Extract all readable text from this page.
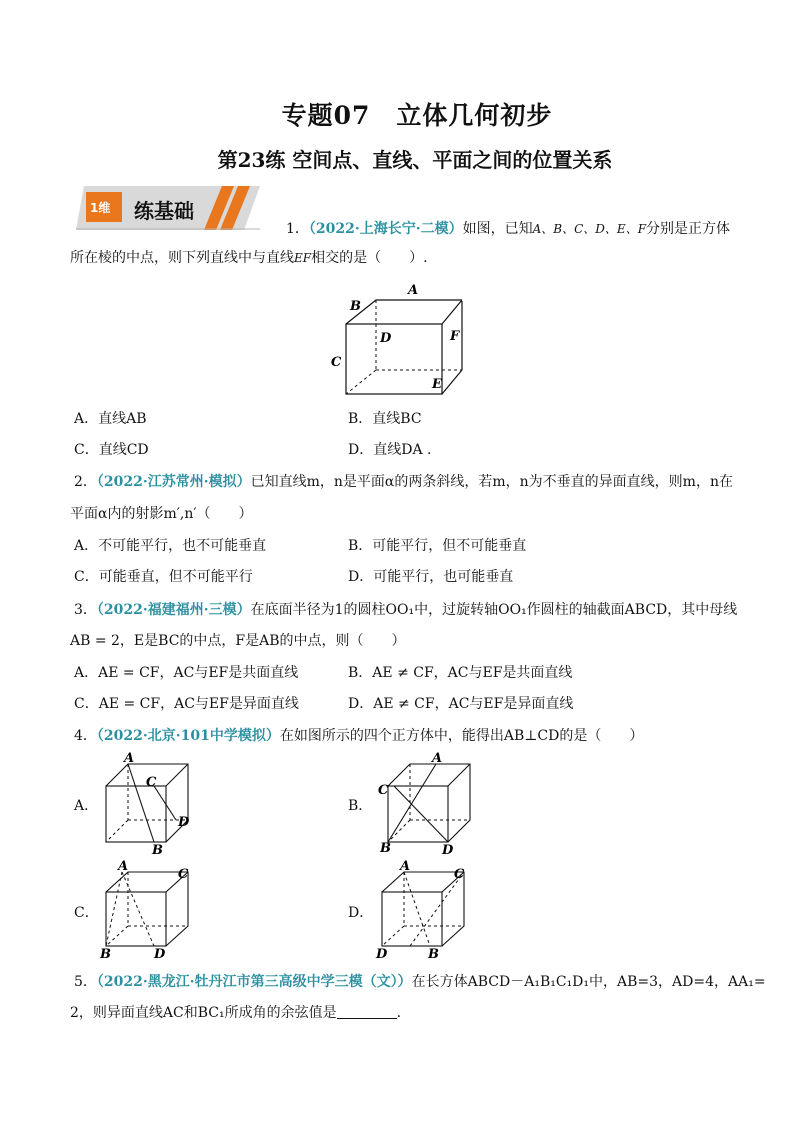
专题07　立体几何初步
第23练 空间点、直线、平面之间的位置关系
1维 练基础
1．（2022·上海长宁·二模）如图，已知A、B、C、D、E、F分别是正方体
所在棱的中点，则下列直线中与直线EF相交的是（　　）.
A
B
C
D
E
F
A．直线AB	B．直线BC
C．直线CD	D．直线DA .
2．（2022·江苏常州·模拟）已知直线m，n是平面α的两条斜线，若m，n为不垂直的异面直线，则m，n在
平面α内的射影m′,n′（　　）
A．不可能平行，也不可能垂直	B．可能平行，但不可能垂直
C．可能垂直，但不可能平行	D．可能平行，也可能垂直
3．（2022·福建福州·三模）在底面半径为1的圆柱OO₁中，过旋转轴OO₁作圆柱的轴截面ABCD，其中母线
AB = 2，E是BC的中点，F是AB的中点，则（　　）
A．AE = CF，AC与EF是共面直线	B．AE ≠ CF，AC与EF是共面直线
C．AE = CF，AC与EF是异面直线	D．AE ≠ CF，AC与EF是异面直线
4．（2022·北京·101中学模拟）在如图所示的四个正方体中，能得出AB⊥CD的是（　　）
A．
A
C
D
B
B．
A
C
B	D
C．
A
C
B	D
D．
A
C
D	B
5．（2022·黑龙江·牡丹江市第三高级中学三模（文））在长方体ABCD－A₁B₁C₁D₁中，AB=3，AD=4，AA₁=
2，则异面直线AC和BC₁所成角的余弦值是	.
